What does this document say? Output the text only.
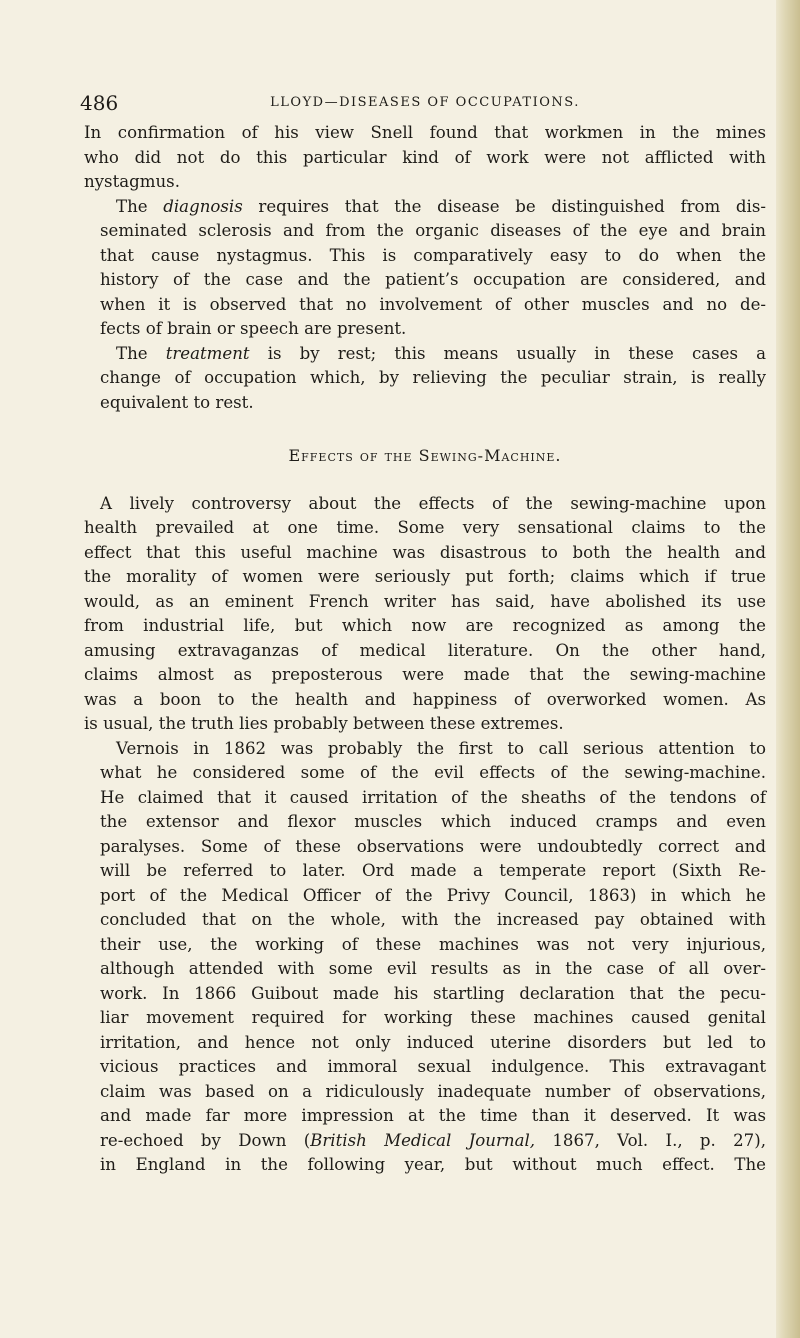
486	LLOYD—DISEASES OF OCCUPATIONS.

In confirmation of his view Snell found that workmen in the mines
who did not do this particular kind of work were not afflicted with
nystagmus.

The diagnosis requires that the disease be distinguished from dis-
seminated sclerosis and from the organic diseases of the eye and brain
that cause nystagmus. This is comparatively easy to do when the
history of the case and the patient’s occupation are considered, and
when it is observed that no involvement of other muscles and no de-
fects of brain or speech are present.

The treatment is by rest; this means usually in these cases a
change of occupation which, by relieving the peculiar strain, is really
equivalent to rest.

Effects of the Sewing-Machine.

A lively controversy about the effects of the sewing-machine upon
health prevailed at one time. Some very sensational claims to the
effect that this useful machine was disastrous to both the health and
the morality of women were seriously put forth; claims which if true
would, as an eminent French writer has said, have abolished its use
from industrial life, but which now are recognized as among the
amusing extravaganzas of medical literature. On the other hand,
claims almost as preposterous were made that the sewing-machine
was a boon to the health and happiness of overworked women. As
is usual, the truth lies probably between these extremes.

Vernois in 1862 was probably the first to call serious attention to
what he considered some of the evil effects of the sewing-machine.
He claimed that it caused irritation of the sheaths of the tendons of
the extensor and flexor muscles which induced cramps and even
paralyses. Some of these observations were undoubtedly correct and
will be referred to later. Ord made a temperate report (Sixth Re-
port of the Medical Officer of the Privy Council, 1863) in which he
concluded that on the whole, with the increased pay obtained with
their use, the working of these machines was not very injurious,
although attended with some evil results as in the case of all over-
work. In 1866 Guibout made his startling declaration that the pecu-
liar movement required for working these machines caused genital
irritation, and hence not only induced uterine disorders but led to
vicious practices and immoral sexual indulgence. This extravagant
claim was based on a ridiculously inadequate number of observations,
and made far more impression at the time than it deserved. It was
re-echoed by Down (British Medical Journal, 1867, Vol. I., p. 27),
in England in the following year, but without much effect. The
